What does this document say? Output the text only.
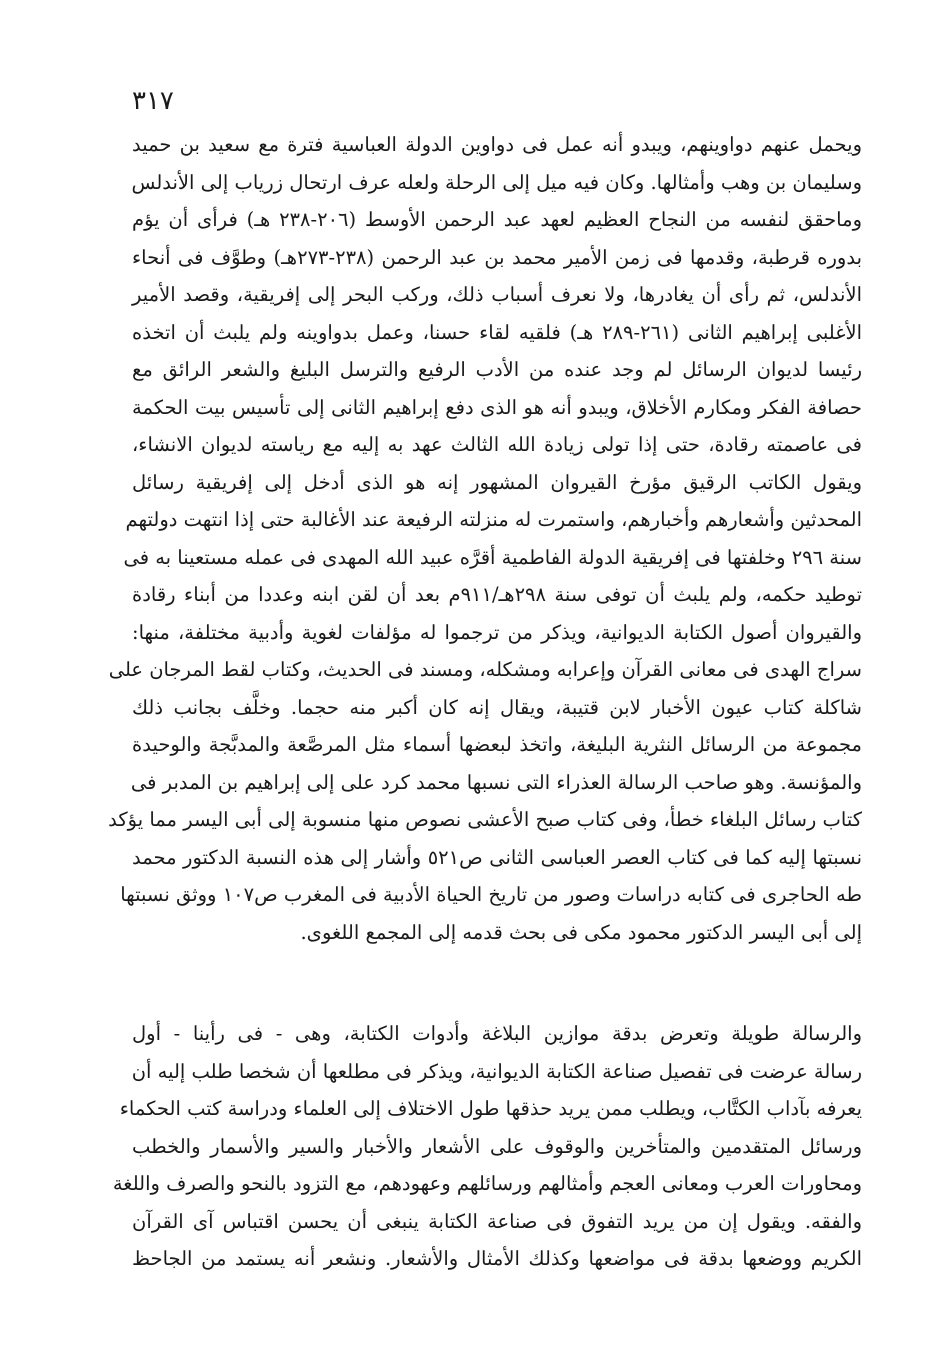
٣١٧
ويحمل عنهم دواوينهم، ويبدو أنه عمل فى دواوين الدولة العباسية فترة مع سعيد بن حميد
وسليمان بن وهب وأمثالها. وكان فيه ميل إلى الرحلة ولعله عرف ارتحال زرياب إلى الأندلس
وماحقق لنفسه من النجاح العظيم لعهد عبد الرحمن الأوسط (٢٠٦-٢٣٨ هـ) فرأى أن يؤم
بدوره قرطبة، وقدمها فى زمن الأمير محمد بن عبد الرحمن (٢٣٨-٢٧٣هـ) وطوَّف فى أنحاء
الأندلس، ثم رأى أن يغادرها، ولا نعرف أسباب ذلك، وركب البحر إلى إفريقية، وقصد الأمير
الأغلبى إبراهيم الثانى (٢٦١-٢٨٩ هـ) فلقيه لقاء حسنا، وعمل بدواوينه ولم يلبث أن اتخذه
رئيسا لديوان الرسائل لم وجد عنده من الأدب الرفيع والترسل البليغ والشعر الرائق مع
حصافة الفكر ومكارم الأخلاق، ويبدو أنه هو الذى دفع إبراهيم الثانى إلى تأسيس بيت الحكمة
فى عاصمته رقادة، حتى إذا تولى زيادة الله الثالث عهد به إليه مع رياسته لديوان الانشاء،
ويقول الكاتب الرقيق مؤرخ القيروان المشهور إنه هو الذى أدخل إلى إفريقية رسائل
المحدثين وأشعارهم وأخبارهم، واستمرت له منزلته الرفيعة عند الأغالبة حتى إذا انتهت دولتهم
سنة ٢٩٦ وخلفتها فى إفريقية الدولة الفاطمية أقرَّه عبيد الله المهدى فى عمله مستعينا به فى
توطيد حكمه، ولم يلبث أن توفى سنة ٢٩٨هـ/٩١١م بعد أن لقن ابنه وعددا من أبناء رقادة
والقيروان أصول الكتابة الديوانية، ويذكر من ترجموا له مؤلفات لغوية وأدبية مختلفة، منها:
سراج الهدى فى معانى القرآن وإعرابه ومشكله، ومسند فى الحديث، وكتاب لقط المرجان على
شاكلة كتاب عيون الأخبار لابن قتيبة، ويقال إنه كان أكبر منه حجما. وخلَّف بجانب ذلك
مجموعة من الرسائل النثرية البليغة، واتخذ لبعضها أسماء مثل المرصَّعة والمدبَّجة والوحيدة
والمؤنسة. وهو صاحب الرسالة العذراء التى نسبها محمد كرد على إلى إبراهيم بن المدبر فى
كتاب رسائل البلغاء خطأ، وفى كتاب صبح الأعشى نصوص منها منسوبة إلى أبى اليسر مما يؤكد
نسبتها إليه كما فى كتاب العصر العباسى الثانى ص٥٢١ وأشار إلى هذه النسبة الدكتور محمد
طه الحاجرى فى كتابه دراسات وصور من تاريخ الحياة الأدبية فى المغرب ص١٠٧ ووثق نسبتها
إلى أبى اليسر الدكتور محمود مكى فى بحث قدمه إلى المجمع اللغوى.
والرسالة طويلة وتعرض بدقة موازين البلاغة وأدوات الكتابة، وهى - فى رأينا - أول
رسالة عرضت فى تفصيل صناعة الكتابة الديوانية، ويذكر فى مطلعها أن شخصا طلب إليه أن
يعرفه بآداب الكتَّاب، ويطلب ممن يريد حذقها طول الاختلاف إلى العلماء ودراسة كتب الحكماء
ورسائل المتقدمين والمتأخرين والوقوف على الأشعار والأخبار والسير والأسمار والخطب
ومحاورات العرب ومعانى العجم وأمثالهم ورسائلهم وعهودهم، مع التزود بالنحو والصرف واللغة
والفقه. ويقول إن من يريد التفوق فى صناعة الكتابة ينبغى أن يحسن اقتباس آى القرآن
الكريم ووضعها بدقة فى مواضعها وكذلك الأمثال والأشعار. ونشعر أنه يستمد من الجاحظ
